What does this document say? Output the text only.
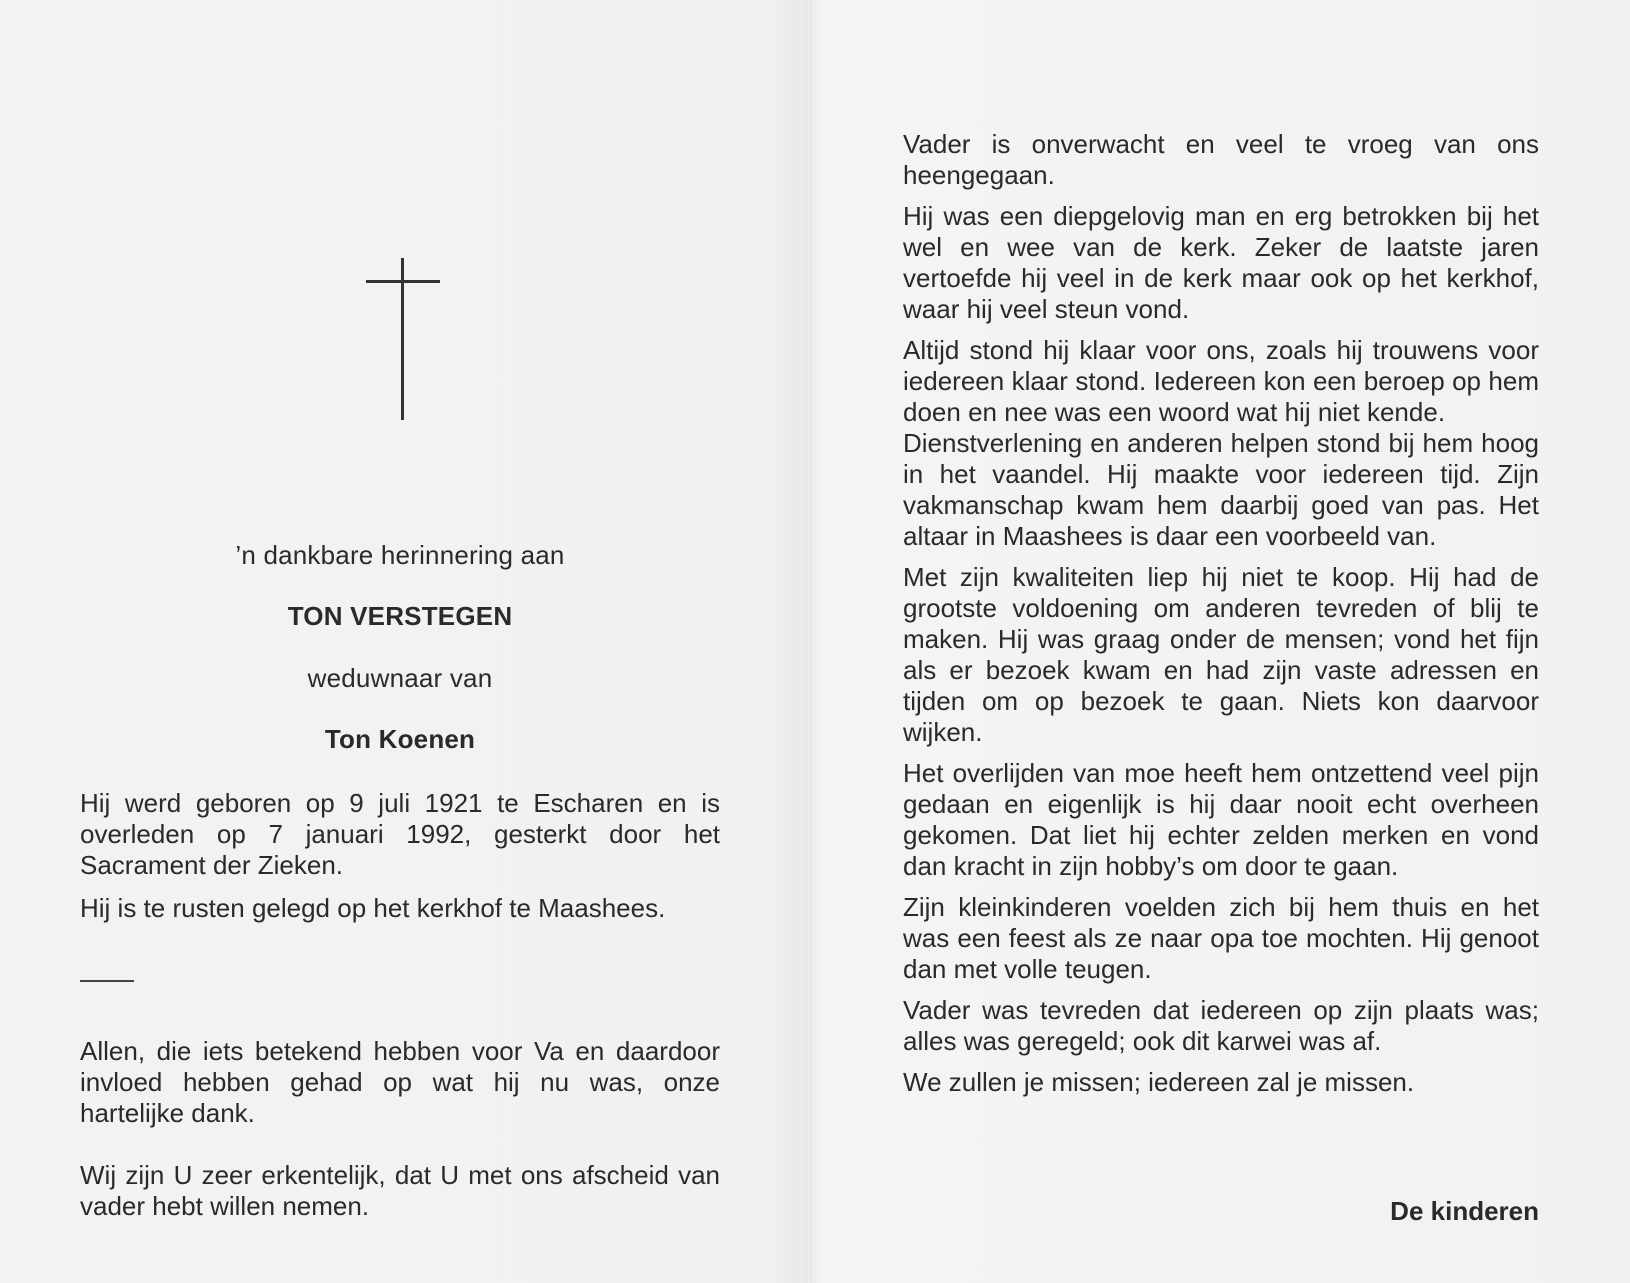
’n dankbare herinnering aan
TON VERSTEGEN
weduwnaar van
Ton Koenen

Hij werd geboren op 9 juli 1921 te Escharen en is overleden op 7 januari 1992, gesterkt door het Sacrament der Zieken.

Hij is te rusten gelegd op het kerkhof te Maashees.

Allen, die iets betekend hebben voor Va en daardoor invloed hebben gehad op wat hij nu was, onze hartelijke dank.

Wij zijn U zeer erkentelijk, dat U met ons afscheid van vader hebt willen nemen.

Vader is onverwacht en veel te vroeg van ons heengegaan.

Hij was een diepgelovig man en erg betrokken bij het wel en wee van de kerk. Zeker de laatste jaren vertoefde hij veel in de kerk maar ook op het kerkhof, waar hij veel steun vond.

Altijd stond hij klaar voor ons, zoals hij trouwens voor iedereen klaar stond. Iedereen kon een beroep op hem doen en nee was een woord wat hij niet kende.

Dienstverlening en anderen helpen stond bij hem hoog in het vaandel. Hij maakte voor iedereen tijd. Zijn vakmanschap kwam hem daarbij goed van pas. Het altaar in Maashees is daar een voorbeeld van.

Met zijn kwaliteiten liep hij niet te koop. Hij had de grootste voldoening om anderen tevreden of blij te maken. Hij was graag onder de mensen; vond het fijn als er bezoek kwam en had zijn vaste adressen en tijden om op bezoek te gaan. Niets kon daarvoor wijken.

Het overlijden van moe heeft hem ontzettend veel pijn gedaan en eigenlijk is hij daar nooit echt overheen gekomen. Dat liet hij echter zelden merken en vond dan kracht in zijn hobby’s om door te gaan.

Zijn kleinkinderen voelden zich bij hem thuis en het was een feest als ze naar opa toe mochten. Hij genoot dan met volle teugen.

Vader was tevreden dat iedereen op zijn plaats was; alles was geregeld; ook dit karwei was af.

We zullen je missen; iedereen zal je missen.

De kinderen
